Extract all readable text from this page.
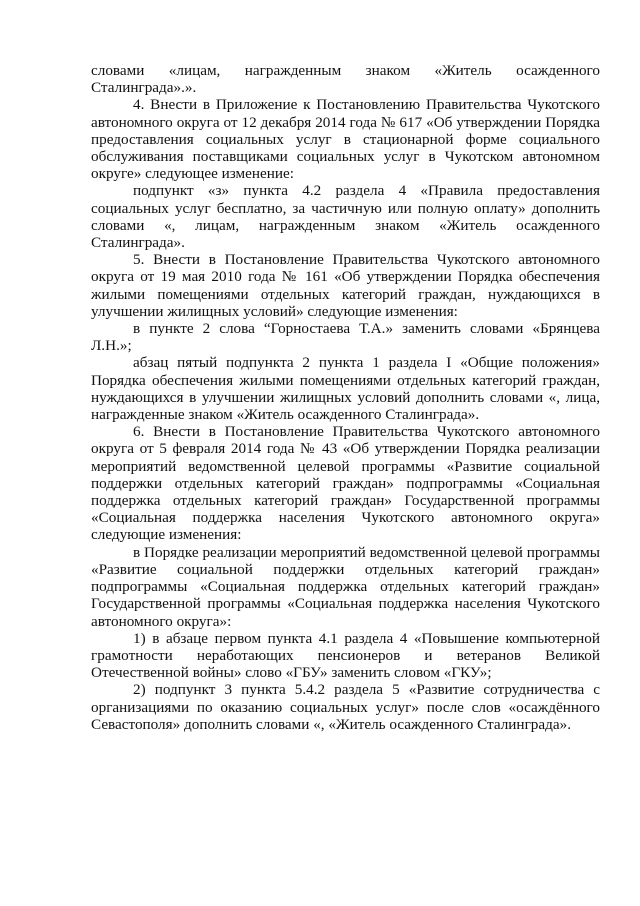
словами «лицам, награжденным знаком «Житель осажденного Сталинграда».».

4. Внести в Приложение к Постановлению Правительства Чукотского автономного округа от 12 декабря 2014 года № 617 «Об утверждении Порядка предоставления социальных услуг в стационарной форме социального обслуживания поставщиками социальных услуг в Чукотском автономном округе» следующее изменение:

подпункт «з» пункта 4.2 раздела 4 «Правила предоставления социальных услуг бесплатно, за частичную или полную оплату» дополнить словами «, лицам, награжденным знаком «Житель осажденного Сталинграда».

5. Внести в Постановление Правительства Чукотского автономного округа от 19 мая 2010 года № 161 «Об утверждении Порядка обеспечения жилыми помещениями отдельных категорий граждан, нуждающихся в улучшении жилищных условий» следующие изменения:

в пункте 2 слова “Горностаева Т.А.» заменить словами «Брянцева Л.Н.»;

абзац пятый подпункта 2 пункта 1 раздела I «Общие положения» Порядка обеспечения жилыми помещениями отдельных категорий граждан, нуждающихся в улучшении жилищных условий дополнить словами «, лица, награжденные знаком «Житель осажденного Сталинграда».

6. Внести в Постановление Правительства Чукотского автономного округа от 5 февраля 2014 года № 43 «Об утверждении Порядка реализации мероприятий ведомственной целевой программы «Развитие социальной поддержки отдельных категорий граждан» подпрограммы «Социальная поддержка отдельных категорий граждан» Государственной программы «Социальная поддержка населения Чукотского автономного округа» следующие изменения:

в Порядке реализации мероприятий ведомственной целевой программы «Развитие социальной поддержки отдельных категорий граждан» подпрограммы «Социальная поддержка отдельных категорий граждан» Государственной программы «Социальная поддержка населения Чукотского автономного округа»:

1) в абзаце первом пункта 4.1 раздела 4 «Повышение компьютерной грамотности неработающих пенсионеров и ветеранов Великой Отечественной войны» слово «ГБУ» заменить словом «ГКУ»;

2) подпункт 3 пункта 5.4.2 раздела 5 «Развитие сотрудничества с организациями по оказанию социальных услуг» после слов «осаждённого Севастополя» дополнить словами «, «Житель осажденного Сталинграда».
